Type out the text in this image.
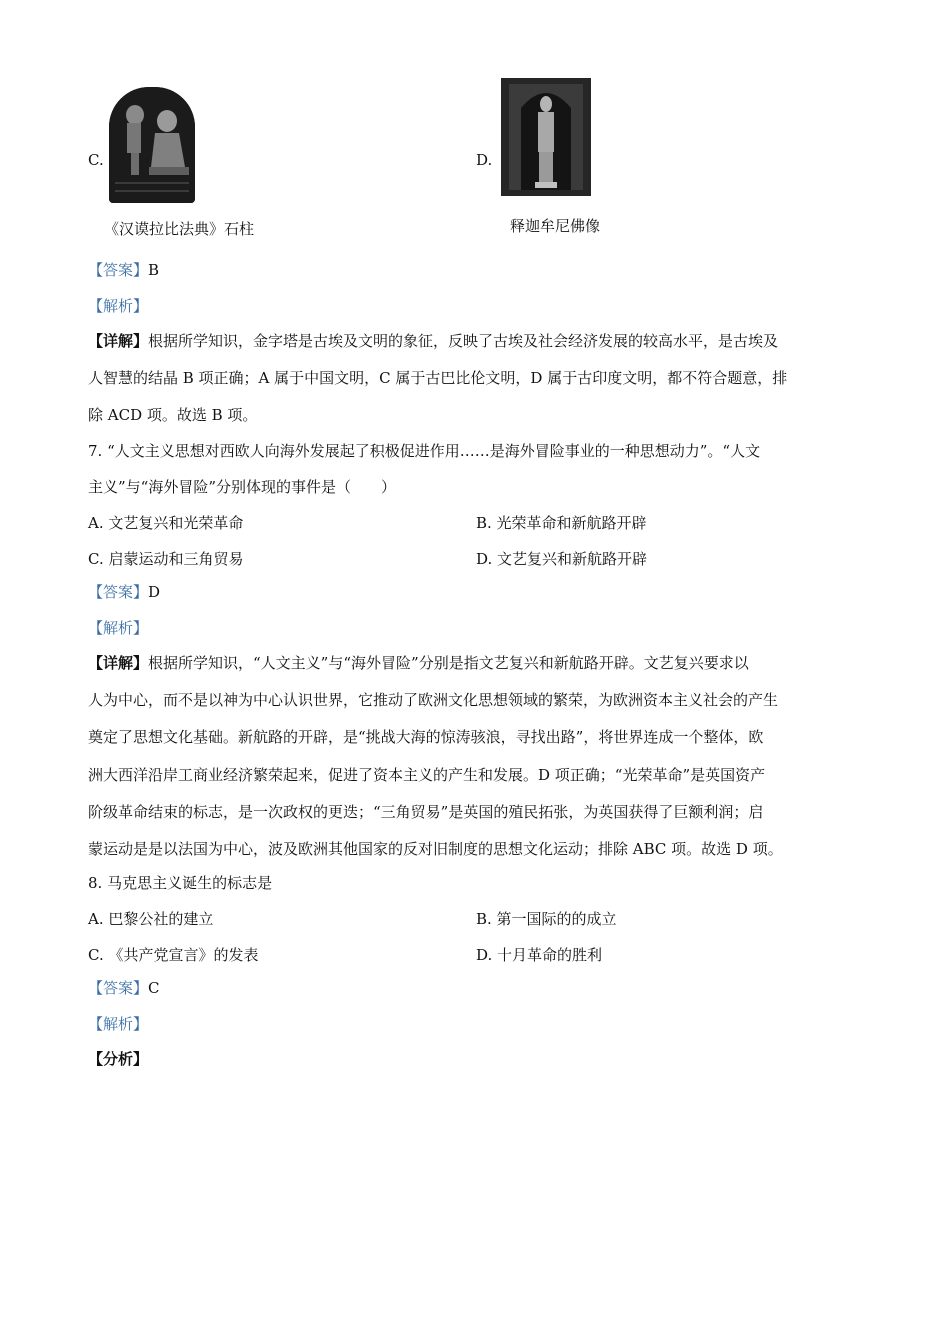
C.
《汉谟拉比法典》石柱
D.
释迦牟尼佛像
【答案】B
【解析】
【详解】根据所学知识，金字塔是古埃及文明的象征，反映了古埃及社会经济发展的较高水平，是古埃及
人智慧的结晶 B 项正确；A 属于中国文明，C 属于古巴比伦文明，D 属于古印度文明，都不符合题意，排
除 ACD 项。故选 B 项。
7. “人文主义思想对西欧人向海外发展起了积极促进作用……是海外冒险事业的一种思想动力”。“人文
主义”与“海外冒险”分别体现的事件是（　　）
A. 文艺复兴和光荣革命	B. 光荣革命和新航路开辟
C. 启蒙运动和三角贸易	D. 文艺复兴和新航路开辟
【答案】D
【解析】
【详解】根据所学知识，“人文主义”与“海外冒险”分别是指文艺复兴和新航路开辟。文艺复兴要求以
人为中心，而不是以神为中心认识世界，它推动了欧洲文化思想领域的繁荣，为欧洲资本主义社会的产生
奠定了思想文化基础。新航路的开辟，是“挑战大海的惊涛骇浪，寻找出路”，将世界连成一个整体，欧
洲大西洋沿岸工商业经济繁荣起来，促进了资本主义的产生和发展。D 项正确；“光荣革命”是英国资产
阶级革命结束的标志，是一次政权的更迭；“三角贸易”是英国的殖民拓张，为英国获得了巨额利润；启
蒙运动是是以法国为中心，波及欧洲其他国家的反对旧制度的思想文化运动；排除 ABC 项。故选 D 项。
8. 马克思主义诞生的标志是
A. 巴黎公社的建立	B. 第一国际的的成立
C. 《共产党宣言》的发表	D. 十月革命的胜利
【答案】C
【解析】
【分析】
